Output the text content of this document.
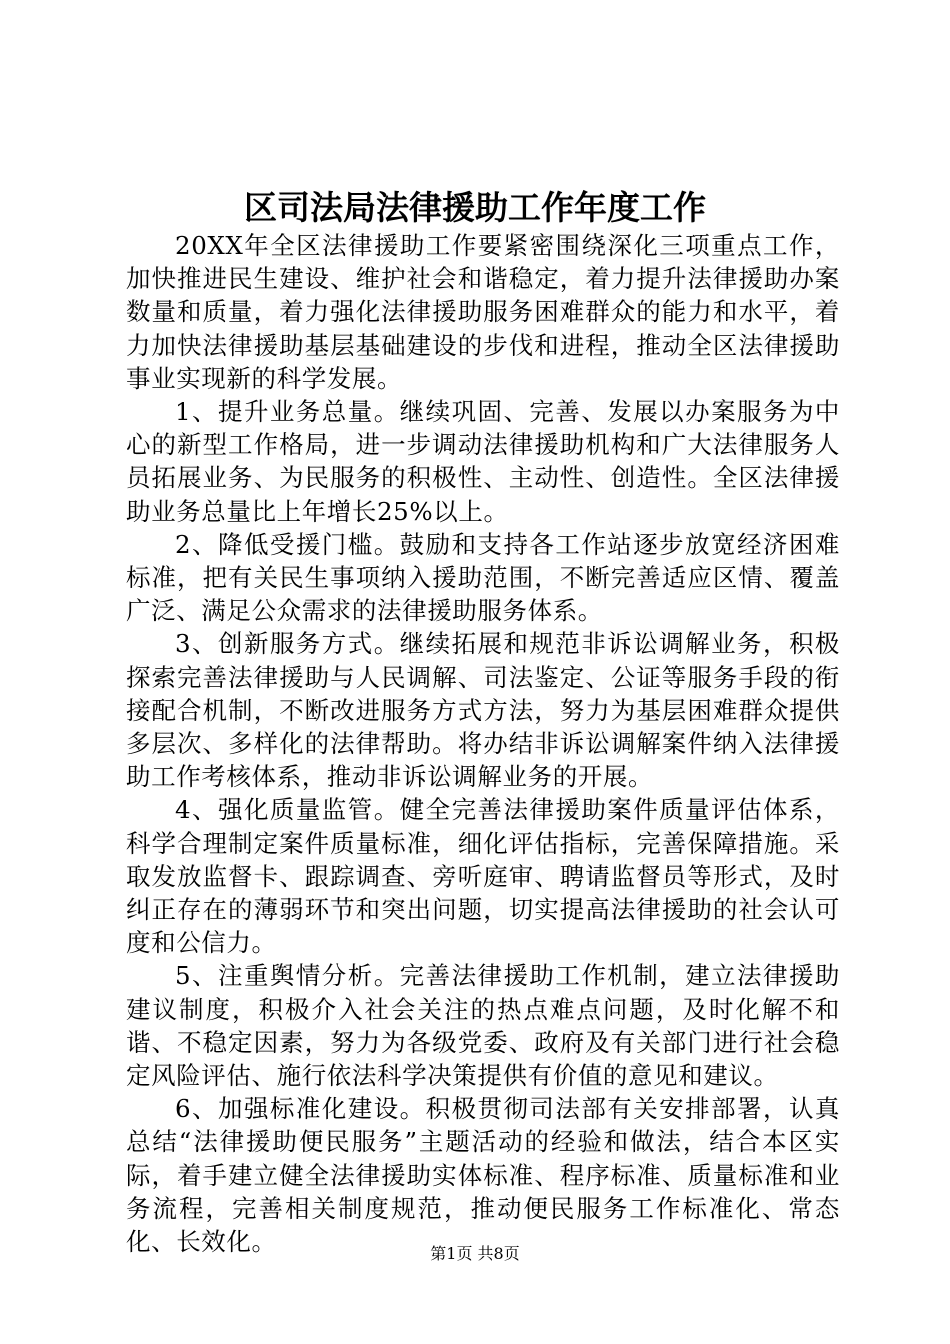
区司法局法律援助工作年度工作

20XX年全区法律援助工作要紧密围绕深化三项重点工作，加快推进民生建设、维护社会和谐稳定，着力提升法律援助办案数量和质量，着力强化法律援助服务困难群众的能力和水平，着力加快法律援助基层基础建设的步伐和进程，推动全区法律援助事业实现新的科学发展。

1、提升业务总量。继续巩固、完善、发展以办案服务为中心的新型工作格局，进一步调动法律援助机构和广大法律服务人员拓展业务、为民服务的积极性、主动性、创造性。全区法律援助业务总量比上年增长25%以上。

2、降低受援门槛。鼓励和支持各工作站逐步放宽经济困难标准，把有关民生事项纳入援助范围，不断完善适应区情、覆盖广泛、满足公众需求的法律援助服务体系。

3、创新服务方式。继续拓展和规范非诉讼调解业务，积极探索完善法律援助与人民调解、司法鉴定、公证等服务手段的衔接配合机制，不断改进服务方式方法，努力为基层困难群众提供多层次、多样化的法律帮助。将办结非诉讼调解案件纳入法律援助工作考核体系，推动非诉讼调解业务的开展。

4、强化质量监管。健全完善法律援助案件质量评估体系，科学合理制定案件质量标准，细化评估指标，完善保障措施。采取发放监督卡、跟踪调查、旁听庭审、聘请监督员等形式，及时纠正存在的薄弱环节和突出问题，切实提高法律援助的社会认可度和公信力。

5、注重舆情分析。完善法律援助工作机制，建立法律援助建议制度，积极介入社会关注的热点难点问题，及时化解不和谐、不稳定因素，努力为各级党委、政府及有关部门进行社会稳定风险评估、施行依法科学决策提供有价值的意见和建议。

6、加强标准化建设。积极贯彻司法部有关安排部署，认真总结“法律援助便民服务”主题活动的经验和做法，结合本区实际，着手建立健全法律援助实体标准、程序标准、质量标准和业务流程，完善相关制度规范，推动便民服务工作标准化、常态化、长效化。	第1页 共8页
